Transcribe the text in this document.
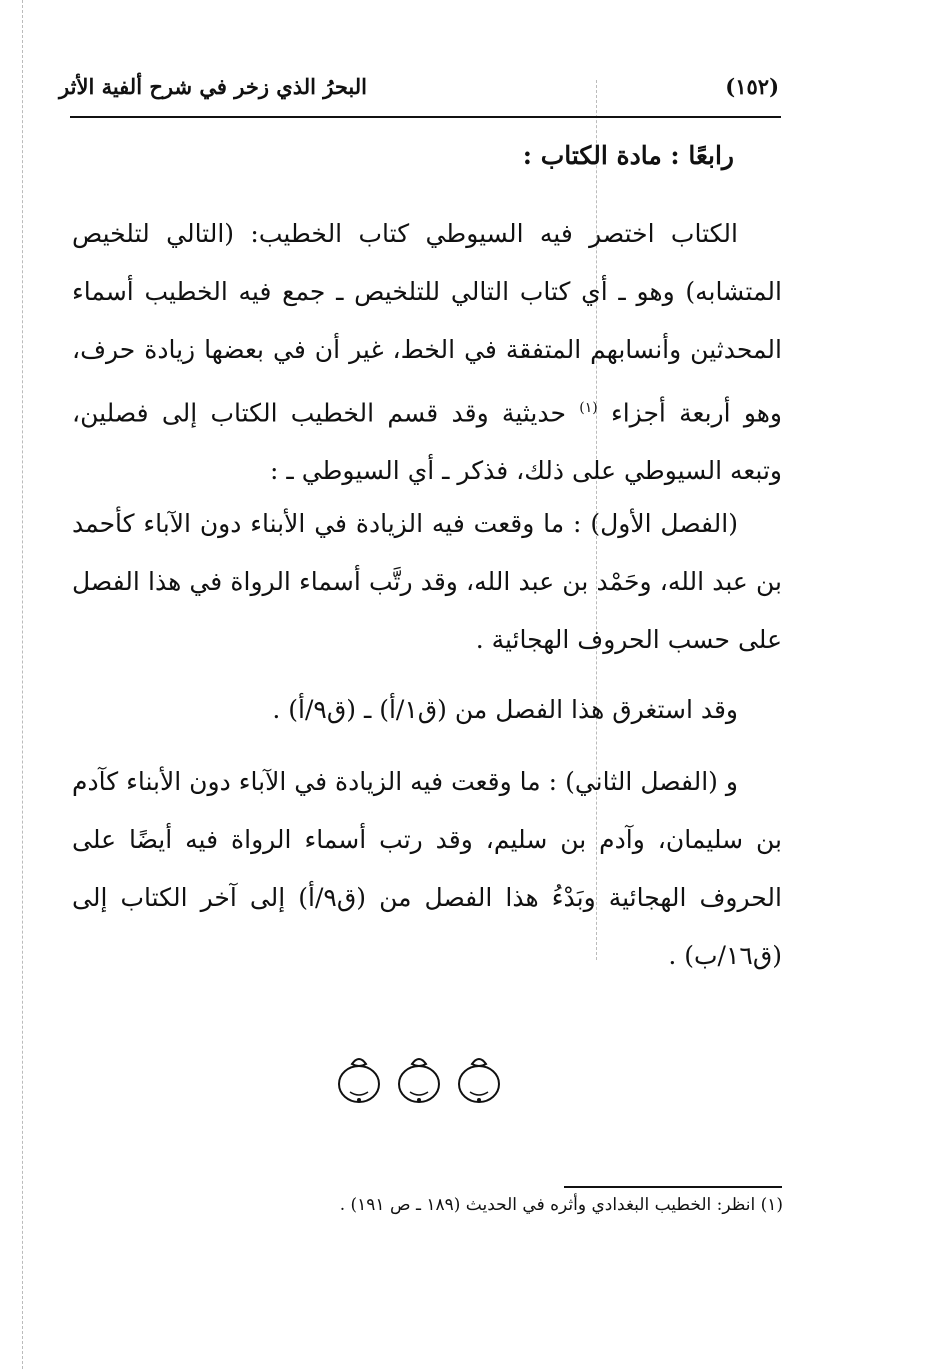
البحرُ الذي زخر في شرح ألفية الأثر	(١٥٢)
رابعًا : مادة الكتاب :

الكتاب اختصر فيه السيوطي كتاب الخطيب: (التالي لتلخيص المتشابه) وهو ـ أي كتاب التالي للتلخيص ـ جمع فيه الخطيب أسماء المحدثين وأنسابهم المتفقة في الخط، غير أن في بعضها زيادة حرف، وهو أربعة أجزاء $^{(١)}$ حديثية وقد قسم الخطيب الكتاب إلى فصلين، وتبعه السيوطي على ذلك، فذكر ـ أي السيوطي ـ :

(الفصل الأول) : ما وقعت فيه الزيادة في الأبناء دون الآباء كأحمد بن عبد الله، وحَمْد بن عبد الله، وقد رتَّب أسماء الرواة في هذا الفصل على حسب الحروف الهجائية .

وقد استغرق هذا الفصل من (ق١/أ) ـ (ق٩/أ) .

و (الفصل الثاني) : ما وقعت فيه الزيادة في الآباء دون الأبناء كآدم بن سليمان، وآدم بن سليم، وقد رتب أسماء الرواة فيه أيضًا على الحروف الهجائية وبَدْءُ هذا الفصل من (ق٩/أ) إلى آخر الكتاب إلى (ق١٦/ب) .

(١) انظر: الخطيب البغدادي وأثره في الحديث (١٨٩ ـ ص ١٩١) .
